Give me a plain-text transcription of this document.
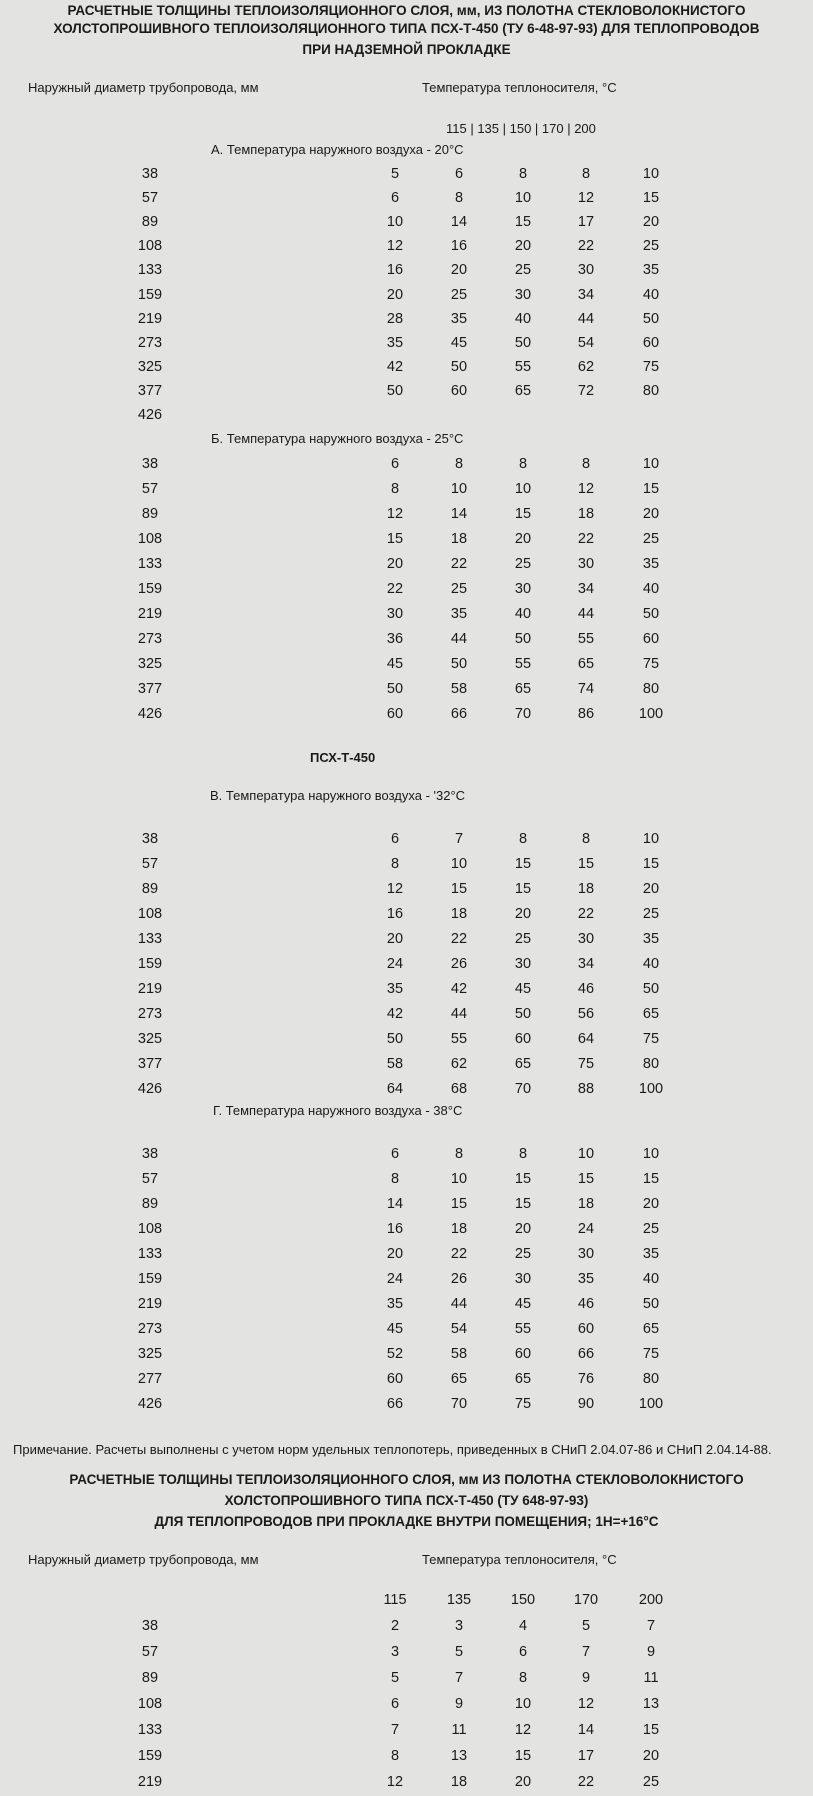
РАСЧЕТНЫЕ ТОЛЩИНЫ ТЕПЛОИЗОЛЯЦИОННОГО СЛОЯ, мм, ИЗ ПОЛОТНА СТЕКЛОВОЛОКНИСТОГО
ХОЛСТОПРОШИВНОГО ТЕПЛОИЗОЛЯЦИОННОГО ТИПА ПСХ-Т-450 (ТУ 6-48-97-93) ДЛЯ ТЕПЛОПРОВОДОВ
ПРИ НАДЗЕМНОЙ ПРОКЛАДКЕ
Наружный диаметр трубопровода, мм	Температура теплоносителя, °С
115 | 135 | 150 | 170 | 200
А. Температура наружного воздуха - 20°С
38	5	6	8	8	10
57	6	8	10	12	15
89	10	14	15	17	20
108	12	16	20	22	25
133	16	20	25	30	35
159	20	25	30	34	40
219	28	35	40	44	50
273	35	45	50	54	60
325	42	50	55	62	75
377	50	60	65	72	80
426
Б. Температура наружного воздуха - 25°С
38	6	8	8	8	10
57	8	10	10	12	15
89	12	14	15	18	20
108	15	18	20	22	25
133	20	22	25	30	35
159	22	25	30	34	40
219	30	35	40	44	50
273	36	44	50	55	60
325	45	50	55	65	75
377	50	58	65	74	80
426	60	66	70	86	100
В. Температура наружного воздуха - '32°С
38	6	7	8	8	10
57	8	10	15	15	15
89	12	15	15	18	20
108	16	18	20	22	25
133	20	22	25	30	35
159	24	26	30	34	40
219	35	42	45	46	50
273	42	44	50	56	65
325	50	55	60	64	75
377	58	62	65	75	80
426	64	68	70	88	100
Г. Температура наружного воздуха - 38°С
38	6	8	8	10	10
57	8	10	15	15	15
89	14	15	15	18	20
108	16	18	20	24	25
133	20	22	25	30	35
159	24	26	30	35	40
219	35	44	45	46	50
273	45	54	55	60	65
325	52	58	60	66	75
277	60	65	65	76	80
426	66	70	75	90	100
ПСХ-Т-450
Примечание. Расчеты выполнены с учетом норм удельных теплопотерь, приведенных в СНиП 2.04.07-86 и СНиП 2.04.14-88.
РАСЧЕТНЫЕ ТОЛЩИНЫ ТЕПЛОИЗОЛЯЦИОННОГО СЛОЯ, мм ИЗ ПОЛОТНА СТЕКЛОВОЛОКНИСТОГО
ХОЛСТОПРОШИВНОГО ТИПА ПСХ-Т-450 (ТУ 648-97-93)
ДЛЯ ТЕПЛОПРОВОДОВ ПРИ ПРОКЛАДКЕ ВНУТРИ ПОМЕЩЕНИЯ; 1Н=+16°С
Наружный диаметр трубопровода, мм	Температура теплоносителя, °С
115	135	150	170	200
38	2	3	4	5	7
57	3	5	6	7	9
89	5	7	8	9	11
108	6	9	10	12	13
133	7	11	12	14	15
159	8	13	15	17	20
219	12	18	20	22	25
